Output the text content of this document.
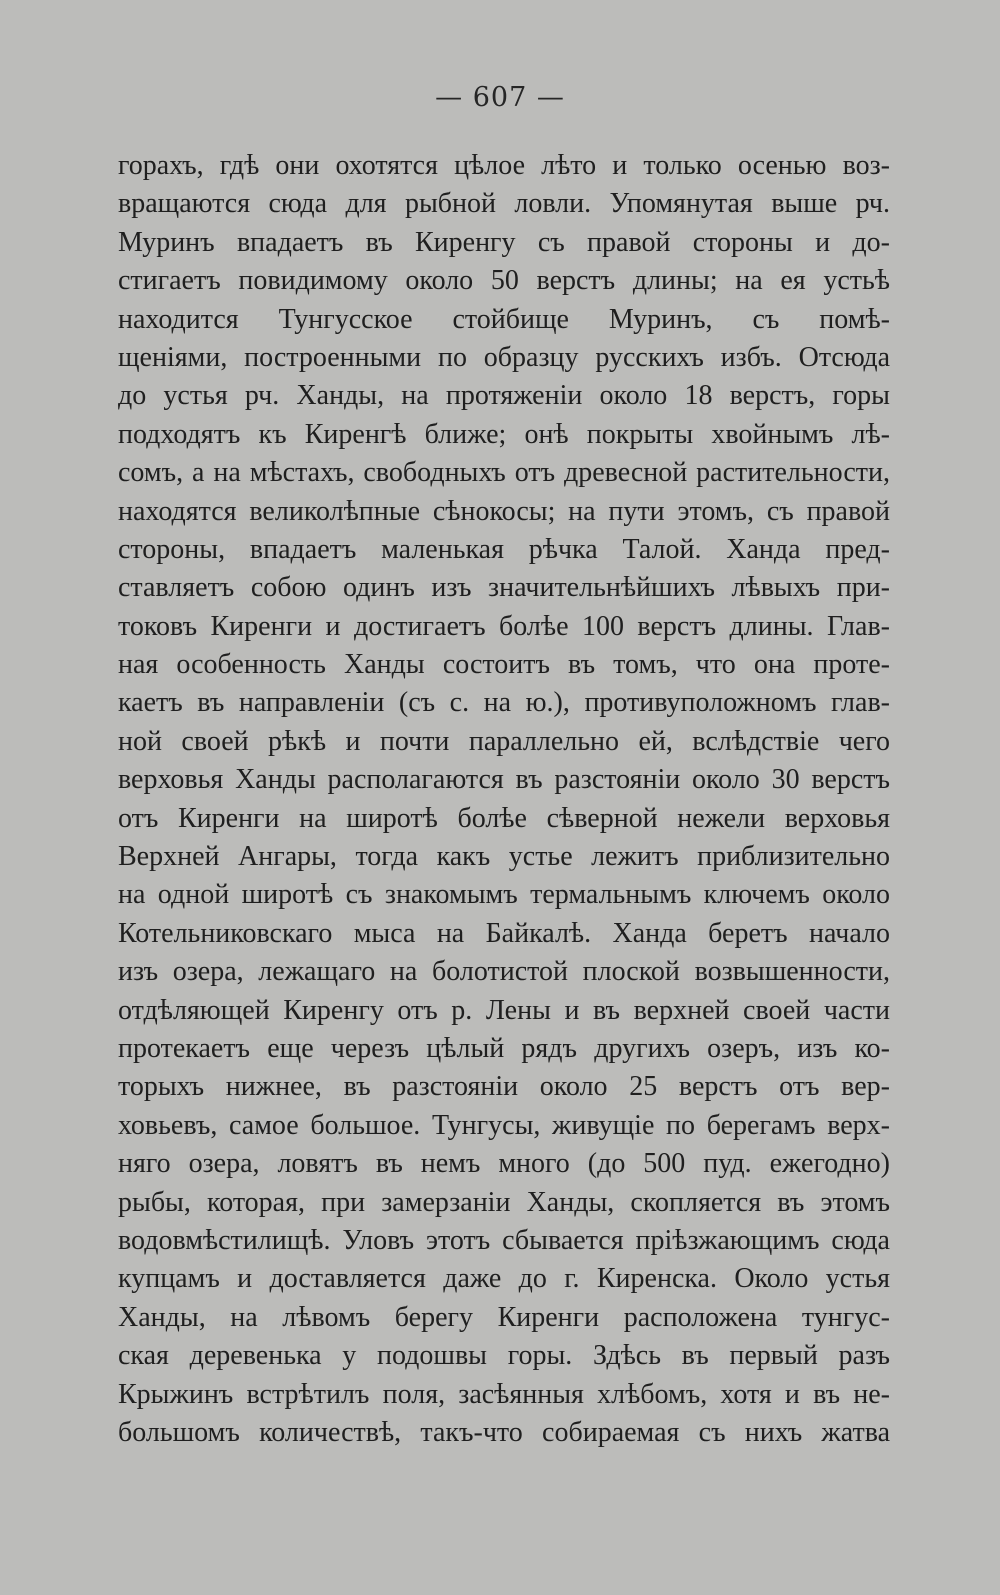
— 607 —
горахъ, гдѣ они охотятся цѣлое лѣто и только осенью воз-
вращаются сюда для рыбной ловли. Упомянутая выше рч.
Муринъ впадаетъ въ Киренгу съ правой стороны и до-
стигаетъ повидимому около 50 верстъ длины; на ея устьѣ
находится Тунгусское стойбище Муринъ, съ помѣ-
щеніями, построенными по образцу русскихъ избъ. Отсюда
до устья рч. Ханды, на протяженіи около 18 верстъ, горы
подходятъ къ Киренгѣ ближе; онѣ покрыты хвойнымъ лѣ-
сомъ, а на мѣстахъ, свободныхъ отъ древесной растительности,
находятся великолѣпные сѣнокосы; на пути этомъ, съ правой
стороны, впадаетъ маленькая рѣчка Талой. Ханда пред-
ставляетъ собою одинъ изъ значительнѣйшихъ лѣвыхъ при-
токовъ Киренги и достигаетъ болѣе 100 верстъ длины. Глав-
ная особенность Ханды состоитъ въ томъ, что она проте-
каетъ въ направленіи (съ с. на ю.), противуположномъ глав-
ной своей рѣкѣ и почти параллельно ей, вслѣдствіе чего
верховья Ханды располагаются въ разстояніи около 30 верстъ
отъ Киренги на широтѣ болѣе сѣверной нежели верховья
Верхней Ангары, тогда какъ устье лежитъ приблизительно
на одной широтѣ съ знакомымъ термальнымъ ключемъ около
Котельниковскаго мыса на Байкалѣ. Ханда беретъ начало
изъ озера, лежащаго на болотистой плоской возвышенности,
отдѣляющей Киренгу отъ р. Лены и въ верхней своей части
протекаетъ еще черезъ цѣлый рядъ другихъ озеръ, изъ ко-
торыхъ нижнее, въ разстояніи около 25 верстъ отъ вер-
ховьевъ, самое большое. Тунгусы, живущіе по берегамъ верх-
няго озера, ловятъ въ немъ много (до 500 пуд. ежегодно)
рыбы, которая, при замерзаніи Ханды, скопляется въ этомъ
водовмѣстилищѣ. Уловъ этотъ сбывается пріѣзжающимъ сюда
купцамъ и доставляется даже до г. Киренска. Около устья
Ханды, на лѣвомъ берегу Киренги расположена тунгус-
ская деревенька у подошвы горы. Здѣсь въ первый разъ
Крыжинъ встрѣтилъ поля, засѣянныя хлѣбомъ, хотя и въ не-
большомъ количествѣ, такъ-что собираемая съ нихъ жатва
